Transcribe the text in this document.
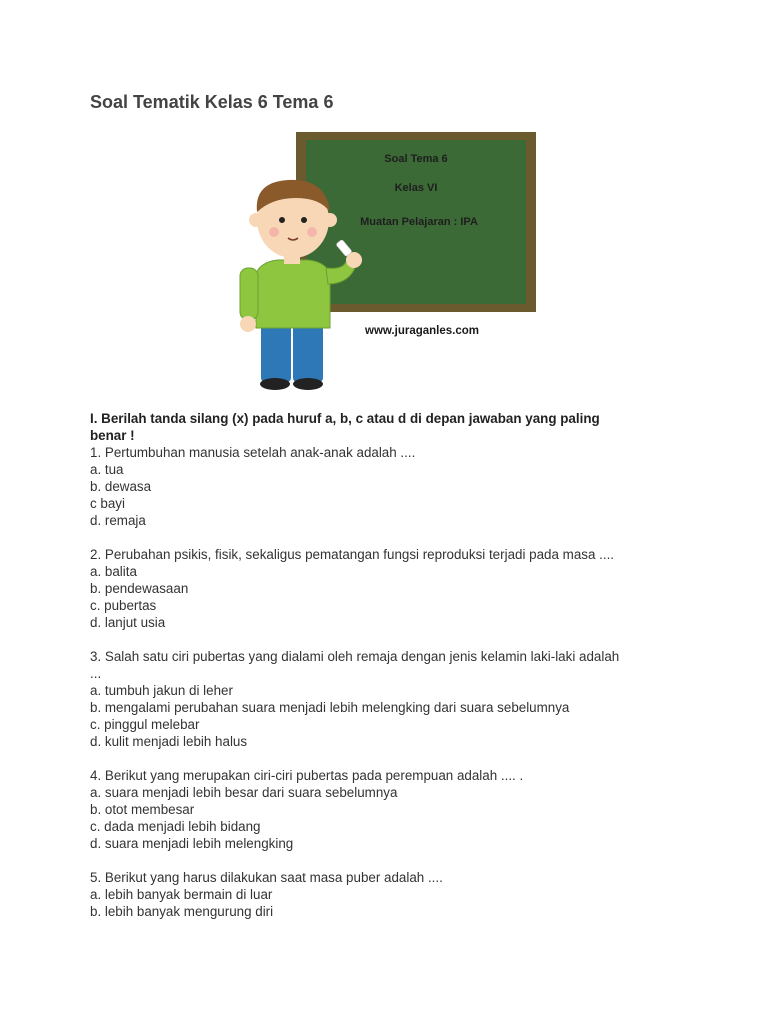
Soal Tematik Kelas 6 Tema 6
Soal Tema 6
Kelas VI
Muatan Pelajaran : IPA
www.juraganles.com
I. Berilah tanda silang (x) pada huruf a, b, c atau d di depan jawaban yang paling
benar !
1. Pertumbuhan manusia setelah anak-anak adalah ....
a. tua
b. dewasa
c bayi
d. remaja
2. Perubahan psikis, fisik, sekaligus pematangan fungsi reproduksi terjadi pada masa ....
a. balita
b. pendewasaan
c. pubertas
d. lanjut usia
3. Salah satu ciri pubertas yang dialami oleh remaja dengan jenis kelamin laki-laki adalah
...
a. tumbuh jakun di leher
b. mengalami perubahan suara menjadi lebih melengking dari suara sebelumnya
c. pinggul melebar
d. kulit menjadi lebih halus
4. Berikut yang merupakan ciri-ciri pubertas pada perempuan adalah .... .
a. suara menjadi lebih besar dari suara sebelumnya
b. otot membesar
c. dada menjadi lebih bidang
d. suara menjadi lebih melengking
5. Berikut yang harus dilakukan saat masa puber adalah ....
a. lebih banyak bermain di luar
b. lebih banyak mengurung diri
